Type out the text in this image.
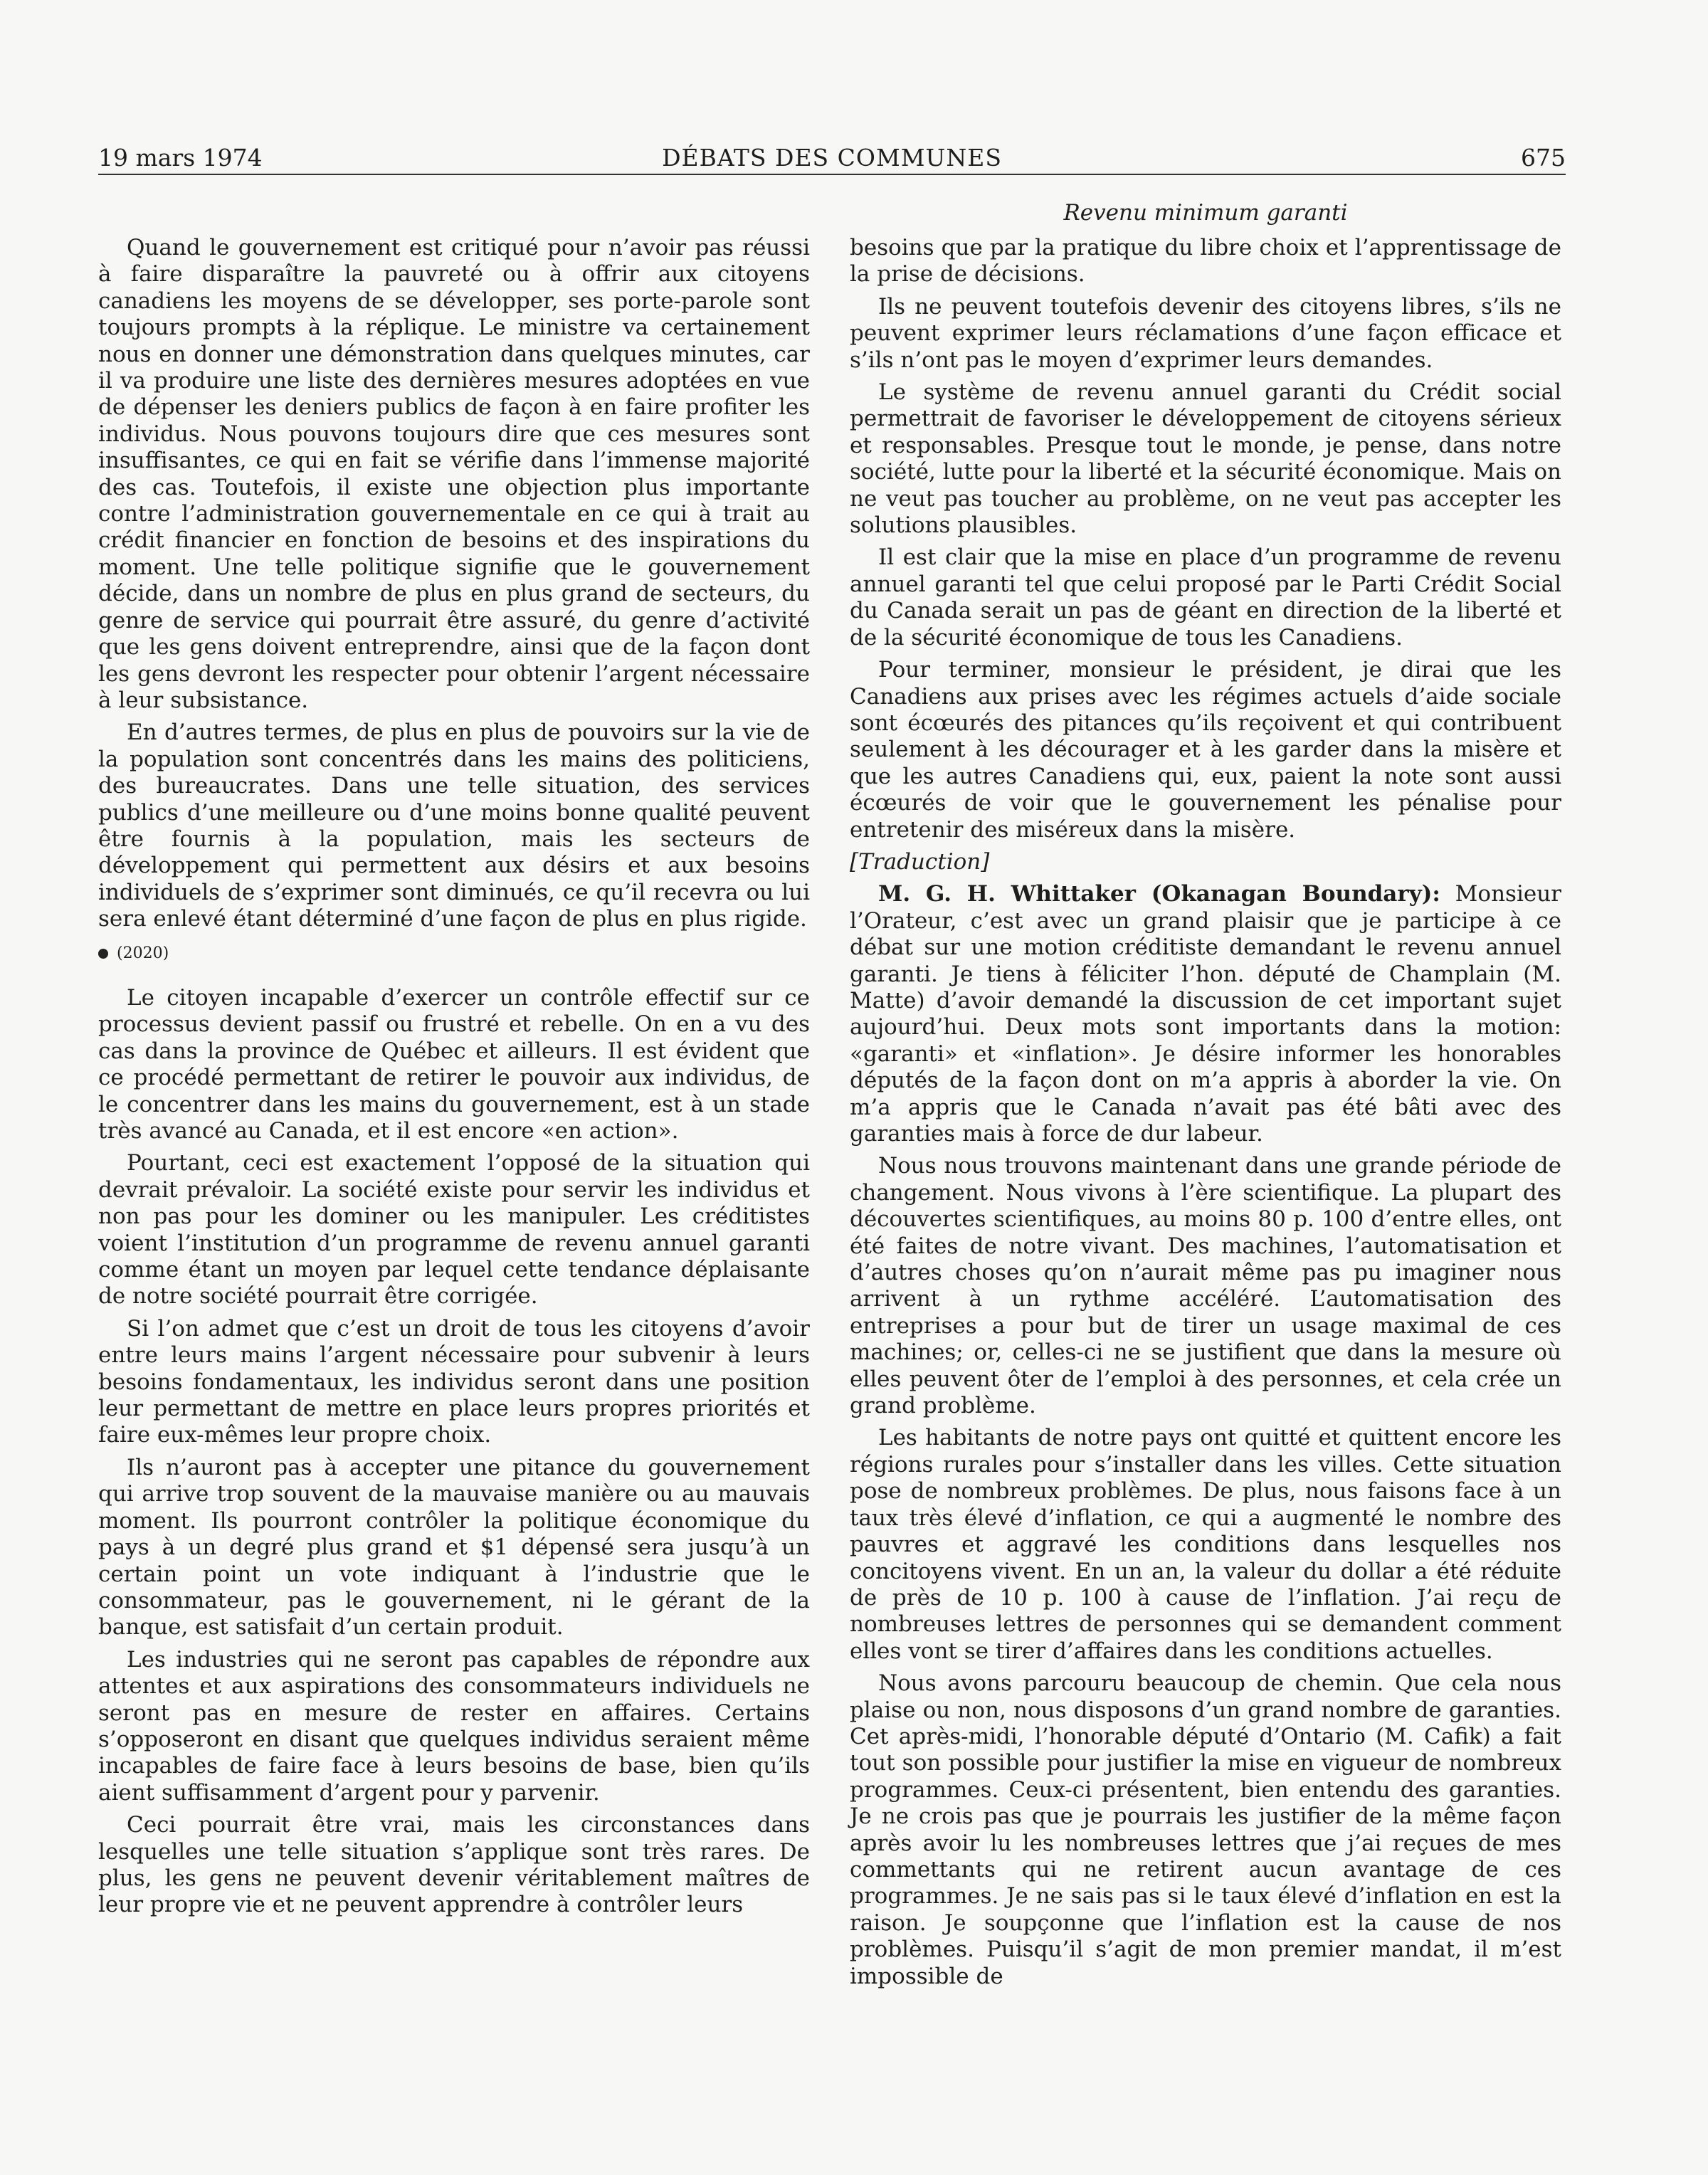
19 mars 1974	DÉBATS DES COMMUNES	675
Revenu minimum garanti

Quand le gouvernement est critiqué pour n’avoir pas réussi à faire disparaître la pauvreté ou à offrir aux citoyens canadiens les moyens de se développer, ses porte-parole sont toujours prompts à la réplique. Le ministre va certainement nous en donner une démonstration dans quelques minutes, car il va produire une liste des dernières mesures adoptées en vue de dépenser les deniers publics de façon à en faire profiter les individus. Nous pouvons toujours dire que ces mesures sont insuffisantes, ce qui en fait se vérifie dans l’immense majorité des cas. Toutefois, il existe une objection plus importante contre l’administration gouvernementale en ce qui à trait au crédit financier en fonction de besoins et des inspirations du moment. Une telle politique signifie que le gouvernement décide, dans un nombre de plus en plus grand de secteurs, du genre de service qui pourrait être assuré, du genre d’activité que les gens doivent entreprendre, ainsi que de la façon dont les gens devront les respecter pour obtenir l’argent nécessaire à leur subsistance.

En d’autres termes, de plus en plus de pouvoirs sur la vie de la population sont concentrés dans les mains des politiciens, des bureaucrates. Dans une telle situation, des services publics d’une meilleure ou d’une moins bonne qualité peuvent être fournis à la population, mais les secteurs de développement qui permettent aux désirs et aux besoins individuels de s’exprimer sont diminués, ce qu’il recevra ou lui sera enlevé étant déterminé d’une façon de plus en plus rigide.

(2020)

Le citoyen incapable d’exercer un contrôle effectif sur ce processus devient passif ou frustré et rebelle. On en a vu des cas dans la province de Québec et ailleurs. Il est évident que ce procédé permettant de retirer le pouvoir aux individus, de le concentrer dans les mains du gouvernement, est à un stade très avancé au Canada, et il est encore «en action».

Pourtant, ceci est exactement l’opposé de la situation qui devrait prévaloir. La société existe pour servir les individus et non pas pour les dominer ou les manipuler. Les créditistes voient l’institution d’un programme de revenu annuel garanti comme étant un moyen par lequel cette tendance déplaisante de notre société pourrait être corrigée.

Si l’on admet que c’est un droit de tous les citoyens d’avoir entre leurs mains l’argent nécessaire pour subvenir à leurs besoins fondamentaux, les individus seront dans une position leur permettant de mettre en place leurs propres priorités et faire eux-mêmes leur propre choix.

Ils n’auront pas à accepter une pitance du gouvernement qui arrive trop souvent de la mauvaise manière ou au mauvais moment. Ils pourront contrôler la politique économique du pays à un degré plus grand et $1 dépensé sera jusqu’à un certain point un vote indiquant à l’industrie que le consommateur, pas le gouvernement, ni le gérant de la banque, est satisfait d’un certain produit.

Les industries qui ne seront pas capables de répondre aux attentes et aux aspirations des consommateurs individuels ne seront pas en mesure de rester en affaires. Certains s’opposeront en disant que quelques individus seraient même incapables de faire face à leurs besoins de base, bien qu’ils aient suffisamment d’argent pour y parvenir.

Ceci pourrait être vrai, mais les circonstances dans lesquelles une telle situation s’applique sont très rares. De plus, les gens ne peuvent devenir véritablement maîtres de leur propre vie et ne peuvent apprendre à contrôler leurs

besoins que par la pratique du libre choix et l’apprentissage de la prise de décisions.

Ils ne peuvent toutefois devenir des citoyens libres, s’ils ne peuvent exprimer leurs réclamations d’une façon efficace et s’ils n’ont pas le moyen d’exprimer leurs demandes.

Le système de revenu annuel garanti du Crédit social permettrait de favoriser le développement de citoyens sérieux et responsables. Presque tout le monde, je pense, dans notre société, lutte pour la liberté et la sécurité économique. Mais on ne veut pas toucher au problème, on ne veut pas accepter les solutions plausibles.

Il est clair que la mise en place d’un programme de revenu annuel garanti tel que celui proposé par le Parti Crédit Social du Canada serait un pas de géant en direction de la liberté et de la sécurité économique de tous les Canadiens.

Pour terminer, monsieur le président, je dirai que les Canadiens aux prises avec les régimes actuels d’aide sociale sont écœurés des pitances qu’ils reçoivent et qui contribuent seulement à les décourager et à les garder dans la misère et que les autres Canadiens qui, eux, paient la note sont aussi écœurés de voir que le gouvernement les pénalise pour entretenir des miséreux dans la misère.

[Traduction]

M. G. H. Whittaker (Okanagan Boundary): Monsieur l’Orateur, c’est avec un grand plaisir que je participe à ce débat sur une motion créditiste demandant le revenu annuel garanti. Je tiens à féliciter l’hon. député de Champlain (M. Matte) d’avoir demandé la discussion de cet important sujet aujourd’hui. Deux mots sont importants dans la motion: «garanti» et «inflation». Je désire informer les honorables députés de la façon dont on m’a appris à aborder la vie. On m’a appris que le Canada n’avait pas été bâti avec des garanties mais à force de dur labeur.

Nous nous trouvons maintenant dans une grande période de changement. Nous vivons à l’ère scientifique. La plupart des découvertes scientifiques, au moins 80 p. 100 d’entre elles, ont été faites de notre vivant. Des machines, l’automatisation et d’autres choses qu’on n’aurait même pas pu imaginer nous arrivent à un rythme accéléré. L’automatisation des entreprises a pour but de tirer un usage maximal de ces machines; or, celles-ci ne se justifient que dans la mesure où elles peuvent ôter de l’emploi à des personnes, et cela crée un grand problème.

Les habitants de notre pays ont quitté et quittent encore les régions rurales pour s’installer dans les villes. Cette situation pose de nombreux problèmes. De plus, nous faisons face à un taux très élevé d’inflation, ce qui a augmenté le nombre des pauvres et aggravé les conditions dans lesquelles nos concitoyens vivent. En un an, la valeur du dollar a été réduite de près de 10 p. 100 à cause de l’inflation. J’ai reçu de nombreuses lettres de personnes qui se demandent comment elles vont se tirer d’affaires dans les conditions actuelles.

Nous avons parcouru beaucoup de chemin. Que cela nous plaise ou non, nous disposons d’un grand nombre de garanties. Cet après-midi, l’honorable député d’Ontario (M. Cafik) a fait tout son possible pour justifier la mise en vigueur de nombreux programmes. Ceux-ci présentent, bien entendu des garanties. Je ne crois pas que je pourrais les justifier de la même façon après avoir lu les nombreuses lettres que j’ai reçues de mes commettants qui ne retirent aucun avantage de ces programmes. Je ne sais pas si le taux élevé d’inflation en est la raison. Je soupçonne que l’inflation est la cause de nos problèmes. Puisqu’il s’agit de mon premier mandat, il m’est impossible de
